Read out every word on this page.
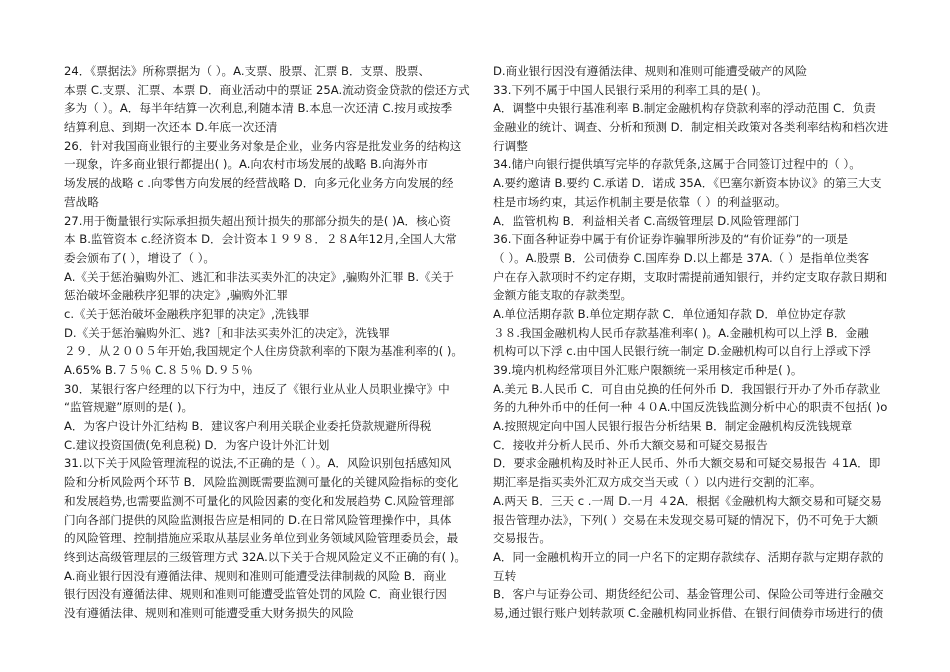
24．《票据法》所称票据为（ ）。A.支票、股票、汇票 B．支票、股票、
本票 C.支票、汇票、本票 D．商业活动中的票证 25A.流动资金贷款的偿还方式
多为（ ）。A．每半年结算一次利息,利随本清 B.本息一次还清 C.按月或按季
结算利息、到期一次还本 D.年底一次还清
26．针对我国商业银行的主要业务对象是企业，业务内容是批发业务的结构这
一现象，许多商业银行都提出( )。A.向农村市场发展的战略 B.向海外市
场发展的战略 c .向零售方向发展的经营战略 D．向多元化业务方向发展的经
营战略
27.用于衡量银行实际承担损失超出预计损失的那部分损失的是( )A．核心资
本 B.监管资本 c.经济资本 D．会计资本１９９８．２８A年12月,全国人大常
委会颁布了( ），增设了（ ）。
A.《关于惩治骗购外汇、逃汇和非法买卖外汇的决定》,骗购外汇罪 B.《关于
惩治破坏金融秩序犯罪的决定》,骗购外汇罪
c.《关于惩治破坏金融秩序犯罪的决定》,洗钱罪
D.《关于惩治骗购外汇、逃?［和非法买卖外汇的决定》，洗钱罪
２９．从２００５年开始,我国规定个人住房贷款利率的下限为基准利率的( )。
A.65% B.７５％ C.８５％ D.９５％
30．某银行客户经理的以下行为中，违反了《银行业从业人员职业操守》中
“监管规避”原则的是( )。
A．为客户设计外汇结构 B．建议客户利用关联企业委托贷款规避所得税
C.建议投资国债(免利息税) D．为客户设计外汇计划
31.以下关于风险管理流程的说法,不正确的是（ ）。A．风险识别包括感知风
险和分析风险两个环节 B．风险监测既需要监测可量化的关键风险指标的变化
和发展趋势,也需要监测不可量化的风险因素的变化和发展趋势 C.风险管理部
门向各部门提供的风险监测报告应是相同的 D.在日常风险管理操作中，具体
的风险管理、控制措施应采取从基层业务单位到业务领域风险管理委员会，最
终到达高级管理层的三级管理方式 32A.以下关于合规风险定义不正确的有( )。
A.商业银行因没有遵循法律、规则和准则可能遭受法律制裁的风险 B．商业
银行因没有遵循法律、规则和准则可能遭受监管处罚的风险 C．商业银行因
没有遵循法律、规则和准则可能遭受重大财务损失的风险
D.商业银行因没有遵循法律、规则和准则可能遭受破产的风险
33.下列不属于中国人民银行采用的利率工具的是( )。
A．调整中央银行基准利率 B.制定金融机构存贷款利率的浮动范围 C．负责
金融业的统计、调查、分析和预测 D．制定相关政策对各类利率结构和档次进
行调整
34.储户向银行提供填写完毕的存款凭条,这属于合同签订过程中的（ ）。
A.要约邀请 B.要约 C.承诺 D．诺成 35A．《巴塞尔新资本协议》的第三大支
柱是市场约束，其运作机制主要是依靠（ ）的利益驱动。
A．监管机构 B．利益相关者 C.高级管理层 D.风险管理部门
36.下面各种证券中属于有价证券诈骗罪所涉及的“有价证券”的一项是
（ ）。A.股票 B．公司债券 C.国库券 D.以上都是 37A.（ ）是指单位类客
户在存入款项时不约定存期，支取时需提前通知银行，并约定支取存款日期和
金额方能支取的存款类型。
A.单位活期存款 B.单位定期存款 C．单位通知存款 D．单位协定存款
３８.我国金融机构人民币存款基准利率( )。A.金融机构可以上浮 B．金融
机构可以下浮 c.由中国人民银行统一制定 D.金融机构可以自行上浮或下浮
39.境内机构经常项目外汇账户限额统一采用核定币种是( )。
A.美元 B.人民币 C．可自由兑换的任何外币 D．我国银行开办了外币存款业
务的九种外币中的任何一种 ４０A.中国反洗钱监测分析中心的职责不包括( )o
A.按照规定向中国人民银行报告分析结果 B．制定金融机构反洗钱规章
C．接收并分析人民币、外币大额交易和可疑交易报告
D．要求金融机构及时补正人民币、外币大额交易和可疑交易报告 ４1A．即
期汇率是指买卖外汇双方成交当天或（ ）以内进行交割的汇率。
A.两天 B．三天 c .一周 D.一月 ４2A．根据《金融机构大额交易和可疑交易
报告管理办法》，下列( ）交易在未发现交易可疑的情况下，仍不可免于大额
交易报告。
A．同一金融机构开立的同一户名下的定期存款续存、活期存款与定期存款的
互转
B．客户与证券公司、期货经纪公司、基金管理公司、保险公司等进行金融交
易,通过银行账户划转款项 C.金融机构同业拆借、在银行间债券市场进行的债
